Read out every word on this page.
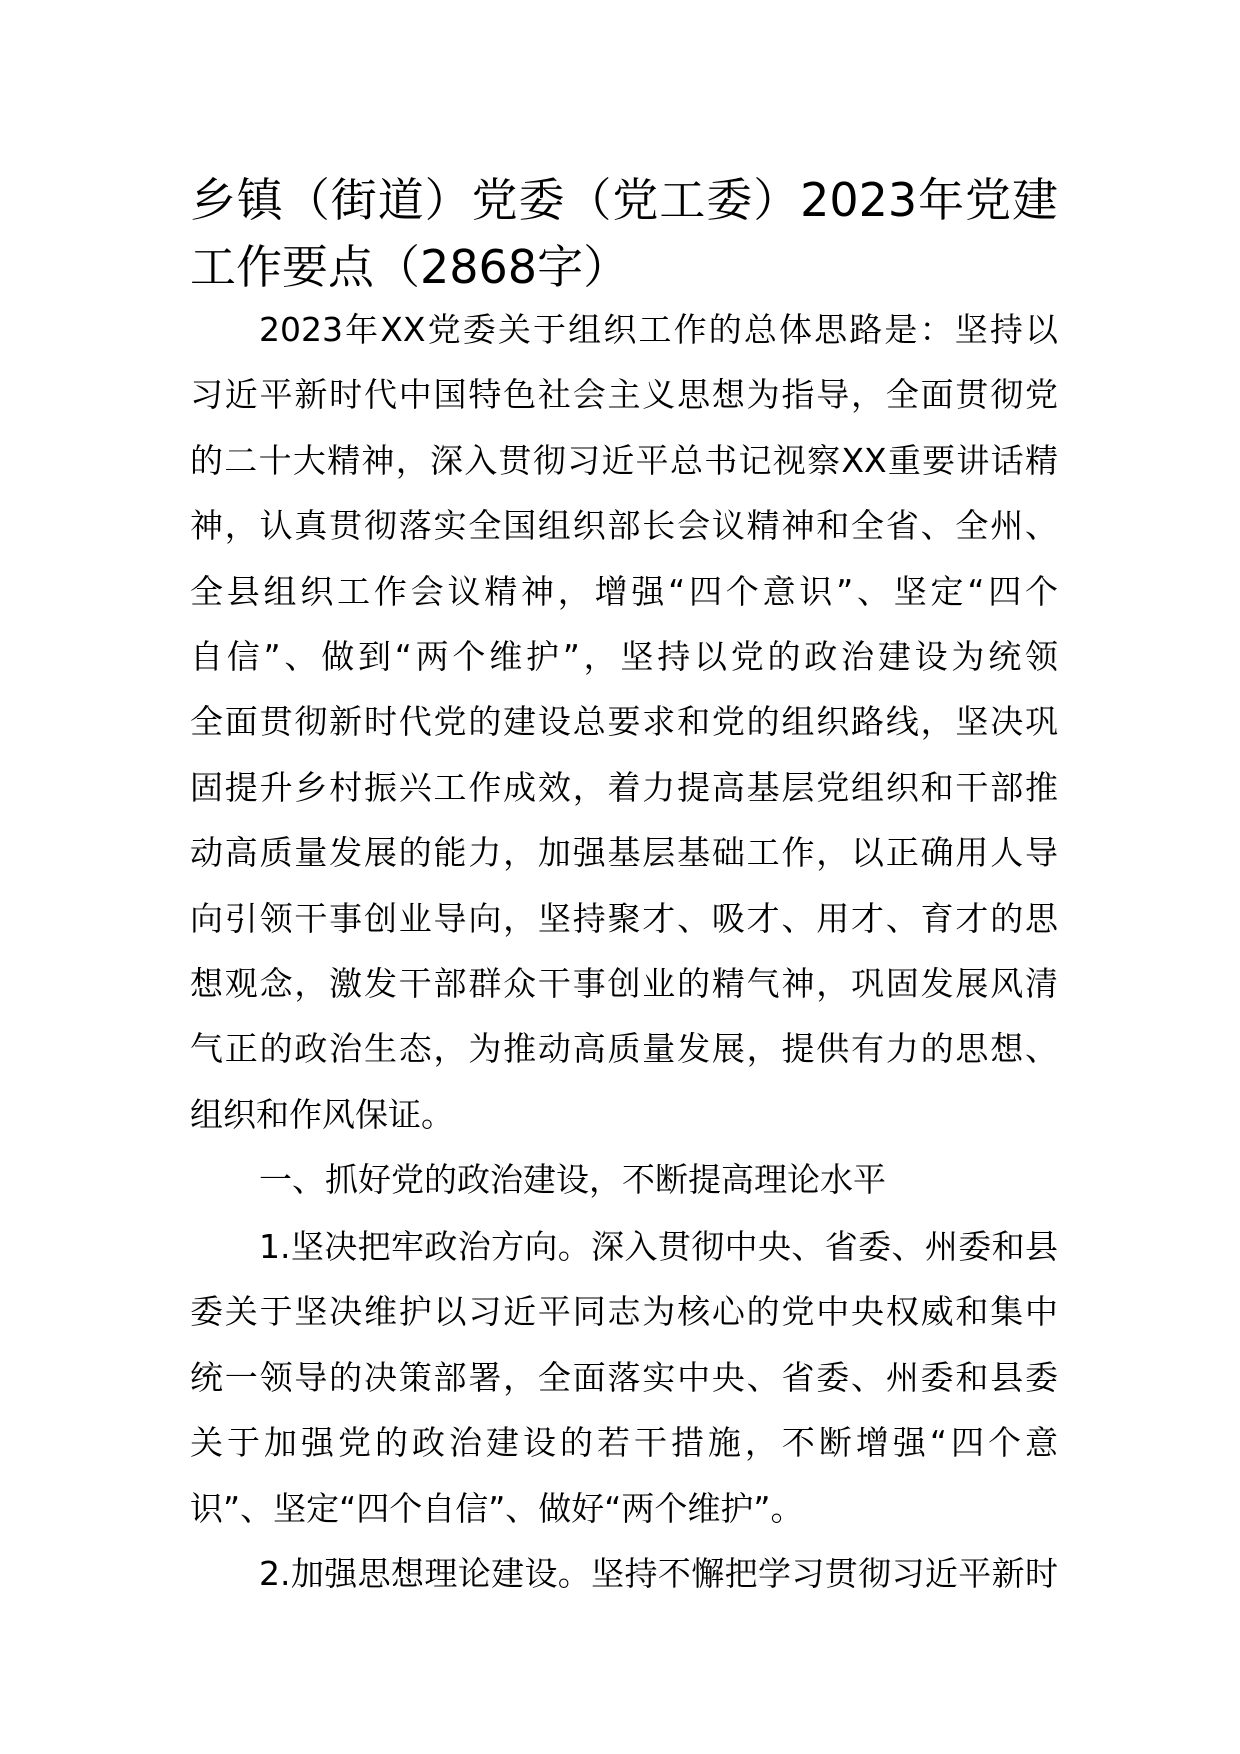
乡镇（街道）党委（党工委）2023年党建
工作要点（2868字）
2023年XX党委关于组织工作的总体思路是：坚持以
习近平新时代中国特色社会主义思想为指导，全面贯彻党
的二十大精神，深入贯彻习近平总书记视察XX重要讲话精
神，认真贯彻落实全国组织部长会议精神和全省、全州、
全县组织工作会议精神，增强“四个意识”、坚定“四个
自信”、做到“两个维护”，坚持以党的政治建设为统领
全面贯彻新时代党的建设总要求和党的组织路线，坚决巩
固提升乡村振兴工作成效，着力提高基层党组织和干部推
动高质量发展的能力，加强基层基础工作，以正确用人导
向引领干事创业导向，坚持聚才、吸才、用才、育才的思
想观念，激发干部群众干事创业的精气神，巩固发展风清
气正的政治生态，为推动高质量发展，提供有力的思想、
组织和作风保证。
一、抓好党的政治建设，不断提高理论水平
1.坚决把牢政治方向。深入贯彻中央、省委、州委和县
委关于坚决维护以习近平同志为核心的党中央权威和集中
统一领导的决策部署，全面落实中央、省委、州委和县委
关于加强党的政治建设的若干措施，不断增强“四个意
识”、坚定“四个自信”、做好“两个维护”。
2.加强思想理论建设。坚持不懈把学习贯彻习近平新时
